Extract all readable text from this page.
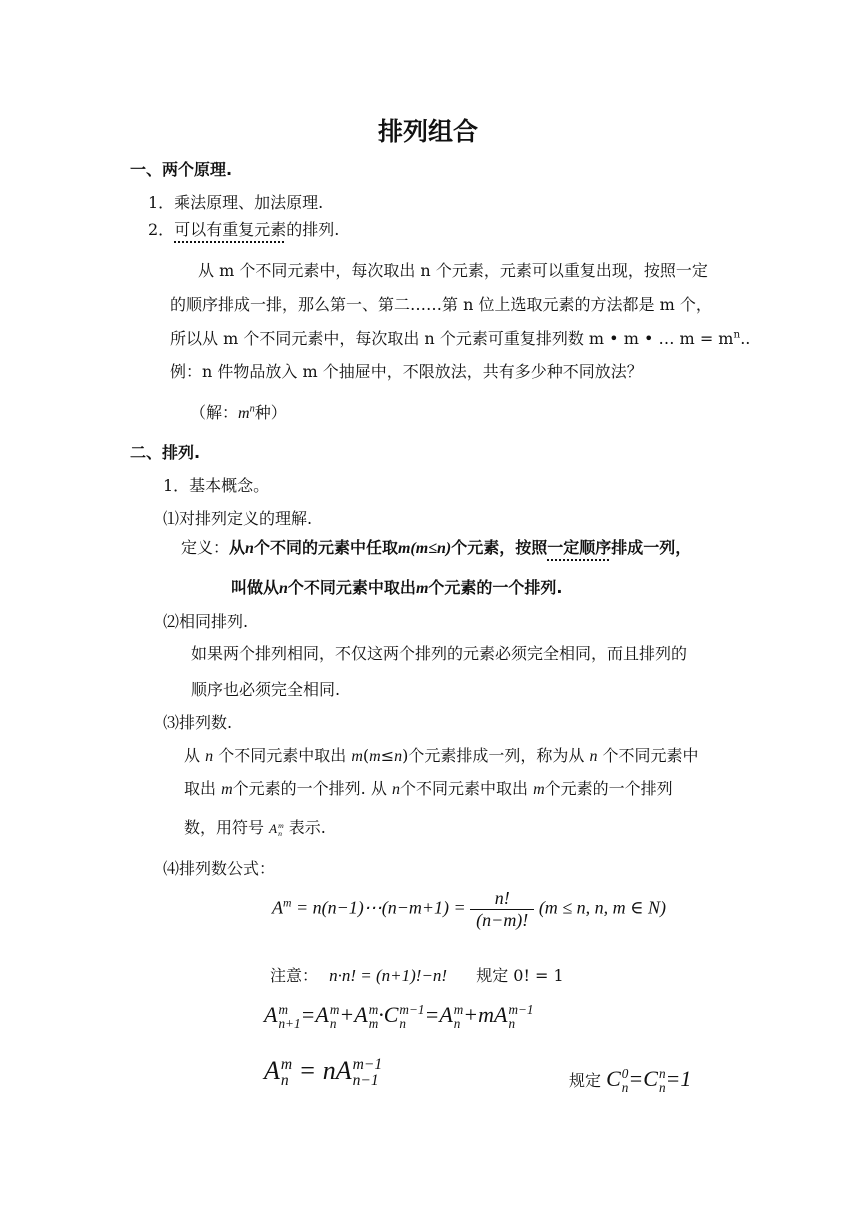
排列组合
一、两个原理.
1．乘法原理、加法原理.
2．可以有重复元素的排列.
从 m 个不同元素中，每次取出 n 个元素，元素可以重复出现，按照一定
的顺序排成一排，那么第一、第二……第 n 位上选取元素的方法都是 m 个，
所以从 m 个不同元素中，每次取出 n 个元素可重复排列数 m • m • … $m = m^n$..
例：n 件物品放入 m 个抽屉中，不限放法，共有多少种不同放法？
（解：$m^n$种）
二、排列.
1．基本概念。
⑴对排列定义的理解.
定义：从n个不同的元素中任取m(m≤n)个元素，按照一定顺序排成一列，
叫做从n个不同元素中取出m个元素的一个排列.
⑵相同排列.
如果两个排列相同，不仅这两个排列的元素必须完全相同，而且排列的
顺序也必须完全相同.
⑶排列数.
从 n 个不同元素中取出 m(m≤n)个元素排成一列，称为从 n 个不同元素中
取出 m个元素的一个排列. 从 n个不同元素中取出 m个元素的一个排列
数，用符号 A m
n 表示.
⑷排列数公式：
$A^m$ = n(n−1)⋯(n−m+1) = $\frac{n!}{(n-m)!} (m \le n$, n, m ∈ N)
注意： n·n! = (n+1)!−n! 规定 0! = 1
A m
n+1 =A m
n +A m
m ·C m−1
n =A m
n +mA m−1
n
A m
n = nA m−1
n−1	规定 C 0
n =C n
n =1
